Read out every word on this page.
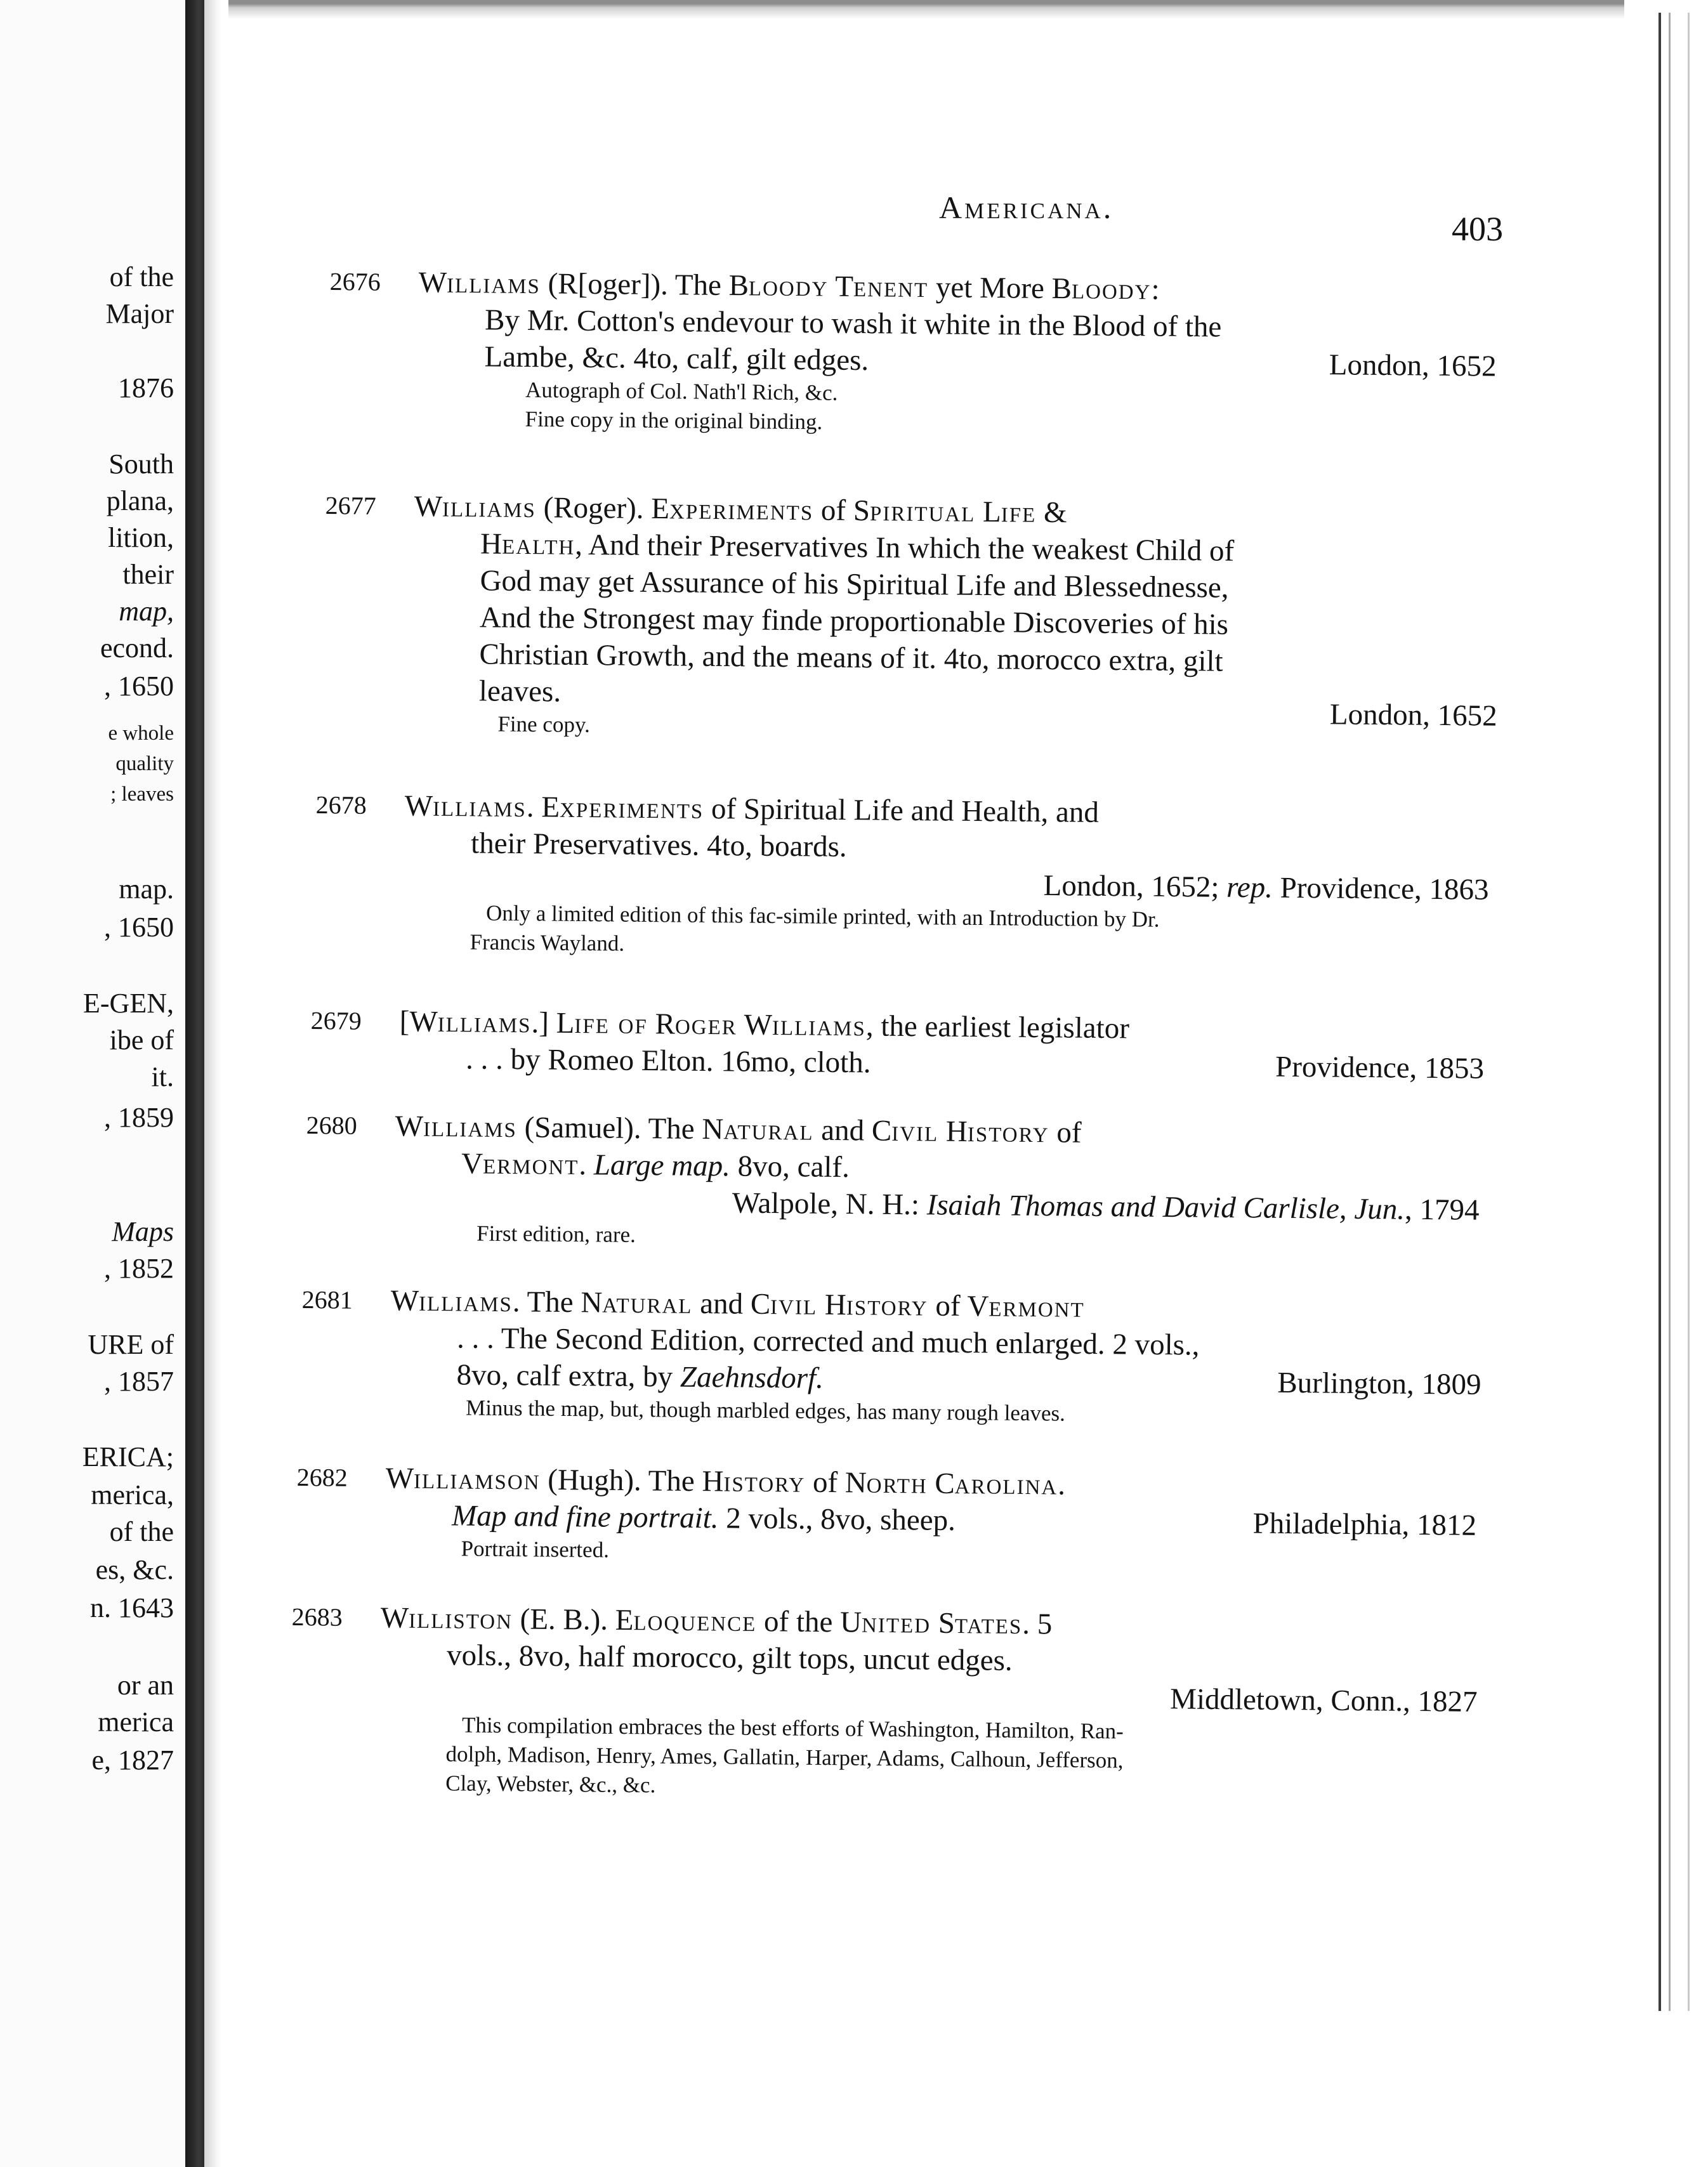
of the
Major
1876
South
plana,
lition,
their
map,
econd.
, 1650
e whole
quality
; leaves
map.
, 1650
E-GEN,
ibe of
it.
, 1859
Maps
, 1852
URE of
, 1857
ERICA;
merica,
of the
es, &c.
n. 1643
or an
merica
e, 1827
Americana.
403
2676 Williams (R[oger]). The Bloody Tenent yet More Bloody:
By Mr. Cotton's endevour to wash it white in the Blood of the
Lambe, &c. 4to, calf, gilt edges.	London, 1652
Autograph of Col. Nath'l Rich, &c.
Fine copy in the original binding.
2677 Williams (Roger). Experiments of Spiritual Life &
Health, And their Preservatives In which the weakest Child of
God may get Assurance of his Spiritual Life and Blessednesse,
And the Strongest may finde proportionable Discoveries of his
Christian Growth, and the means of it. 4to, morocco extra, gilt
leaves.
London, 1652
Fine copy.
2678 Williams. Experiments of Spiritual Life and Health, and
their Preservatives. 4to, boards.
London, 1652; rep. Providence, 1863
Only a limited edition of this fac-simile printed, with an Introduction by Dr.
Francis Wayland.
2679 [Williams.] Life of Roger Williams, the earliest legislator
. . . by Romeo Elton. 16mo, cloth.	Providence, 1853
2680 Williams (Samuel). The Natural and Civil History of
Vermont. Large map. 8vo, calf.
Walpole, N. H.: Isaiah Thomas and David Carlisle, Jun., 1794
First edition, rare.
2681 Williams. The Natural and Civil History of Vermont
. . . The Second Edition, corrected and much enlarged. 2 vols.,
8vo, calf extra, by Zaehnsdorf.	Burlington, 1809
Minus the map, but, though marbled edges, has many rough leaves.
2682 Williamson (Hugh). The History of North Carolina.
Map and fine portrait. 2 vols., 8vo, sheep.	Philadelphia, 1812
Portrait inserted.
2683 Williston (E. B.). Eloquence of the United States. 5
vols., 8vo, half morocco, gilt tops, uncut edges.
Middletown, Conn., 1827
This compilation embraces the best efforts of Washington, Hamilton, Ran-
dolph, Madison, Henry, Ames, Gallatin, Harper, Adams, Calhoun, Jefferson,
Clay, Webster, &c., &c.
